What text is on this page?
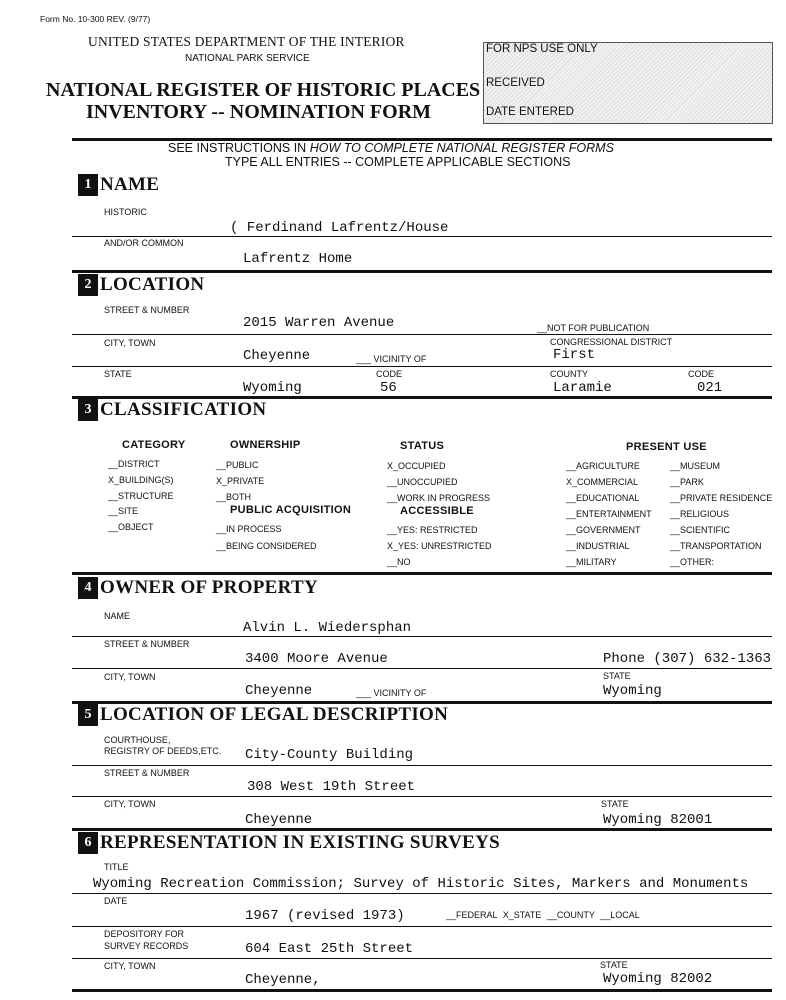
Form No. 10-300 REV. (9/77)
UNITED STATES DEPARTMENT OF THE INTERIOR
NATIONAL PARK SERVICE
NATIONAL REGISTER OF HISTORIC PLACES
INVENTORY -- NOMINATION FORM
FOR NPS USE ONLY
RECEIVED
DATE ENTERED
SEE INSTRUCTIONS IN HOW TO COMPLETE NATIONAL REGISTER FORMS
TYPE ALL ENTRIES -- COMPLETE APPLICABLE SECTIONS
1 NAME
HISTORIC
( Ferdinand Lafrentz/House
AND/OR COMMON
Lafrentz Home
2 LOCATION
STREET & NUMBER
2015 Warren Avenue	__NOT FOR PUBLICATION
CITY, TOWN	CONGRESSIONAL DISTRICT
Cheyenne	___ VICINITY OF	First
STATE	CODE	COUNTY	CODE
Wyoming	56	Laramie	021
3 CLASSIFICATION
CATEGORY	OWNERSHIP	STATUS	PRESENT USE
PUBLIC ACQUISITION	ACCESSIBLE
__DISTRICT
X_BUILDING(S)
__STRUCTURE
__SITE
__OBJECT
__PUBLIC
X_PRIVATE
__BOTH
__IN PROCESS
__BEING CONSIDERED
X_OCCUPIED
__UNOCCUPIED
__WORK IN PROGRESS
__YES: RESTRICTED
X_YES: UNRESTRICTED
__NO
__AGRICULTURE
X_COMMERCIAL
__EDUCATIONAL
__ENTERTAINMENT
__GOVERNMENT
__INDUSTRIAL
__MILITARY
__MUSEUM
__PARK
__PRIVATE RESIDENCE
__RELIGIOUS
__SCIENTIFIC
__TRANSPORTATION
__OTHER:
4 OWNER OF PROPERTY
NAME
Alvin L. Wiedersphan
STREET & NUMBER
3400 Moore Avenue	Phone (307) 632-1363
CITY, TOWN	STATE
Cheyenne	___ VICINITY OF	Wyoming
5 LOCATION OF LEGAL DESCRIPTION
COURTHOUSE,
REGISTRY OF DEEDS,ETC. City-County Building
STREET & NUMBER
308 West 19th Street
CITY, TOWN	STATE
Cheyenne	Wyoming 82001
6 REPRESENTATION IN EXISTING SURVEYS
TITLE
Wyoming Recreation Commission; Survey of Historic Sites, Markers and Monuments
DATE
1967 (revised 1973)	__FEDERAL X_STATE __COUNTY __LOCAL
DEPOSITORY FOR
SURVEY RECORDS	604 East 25th Street
CITY, TOWN	STATE
Cheyenne,	Wyoming 82002
